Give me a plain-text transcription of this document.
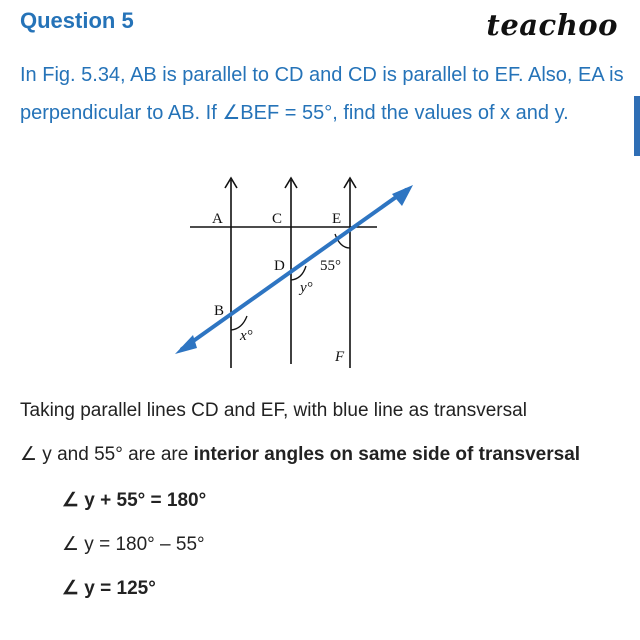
Question 5	teachoo
In Fig. 5.34, AB is parallel to CD and CD is parallel to EF. Also, EA is
perpendicular to AB. If ∠BEF = 55°, find the values of x and y.
A	C	E
D
B
F
55°
y°
x°
Taking parallel lines CD and EF, with blue line as transversal
∠ y and 55° are are interior angles on same side of transversal
∠ y + 55° = 180°
∠ y = 180° – 55°
∠ y = 125°
